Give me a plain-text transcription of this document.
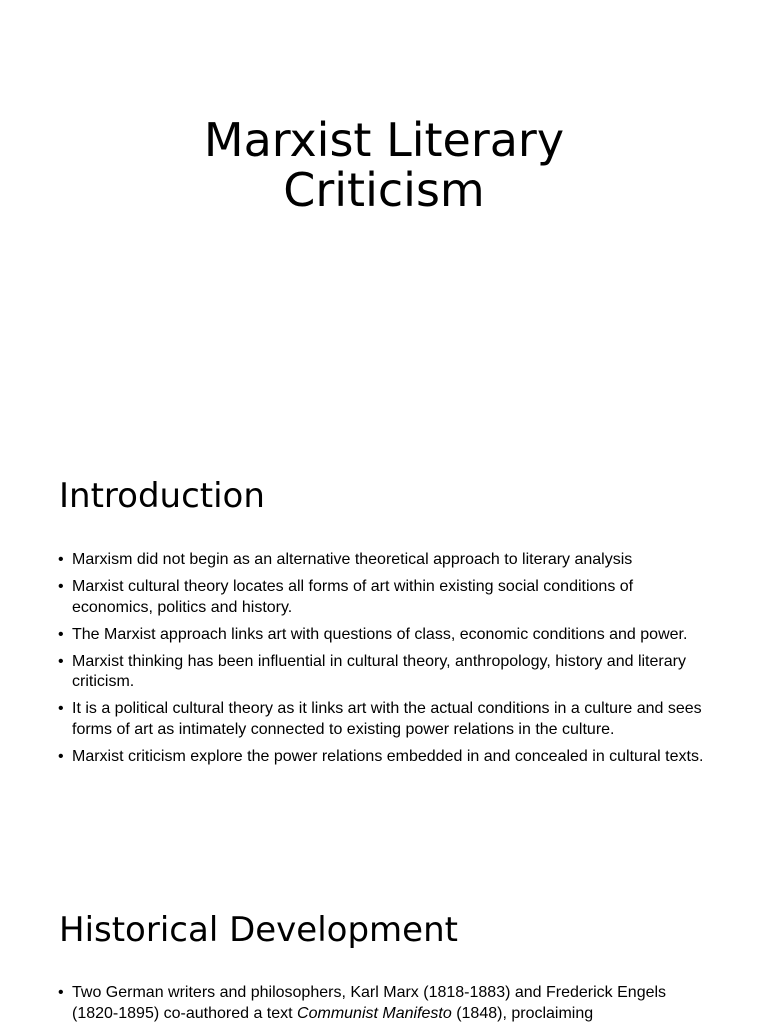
Marxist Literary
Criticism
Introduction
• Marxism did not begin as an alternative theoretical approach to literary analysis
• Marxist cultural theory locates all forms of art within existing social conditions of economics, politics and history.
• The Marxist approach links art with questions of class, economic conditions and power.
• Marxist thinking has been influential in cultural theory, anthropology, history and literary criticism.
• It is a political cultural theory as it links art with the actual conditions in a culture and sees forms of art as intimately connected to existing power relations in the culture.
• Marxist criticism explore the power relations embedded in and concealed in cultural texts.
Historical Development
• Two German writers and philosophers, Karl Marx (1818-1883) and Frederick Engels (1820-1895) co-authored a text Communist Manifesto (1848), proclaiming
